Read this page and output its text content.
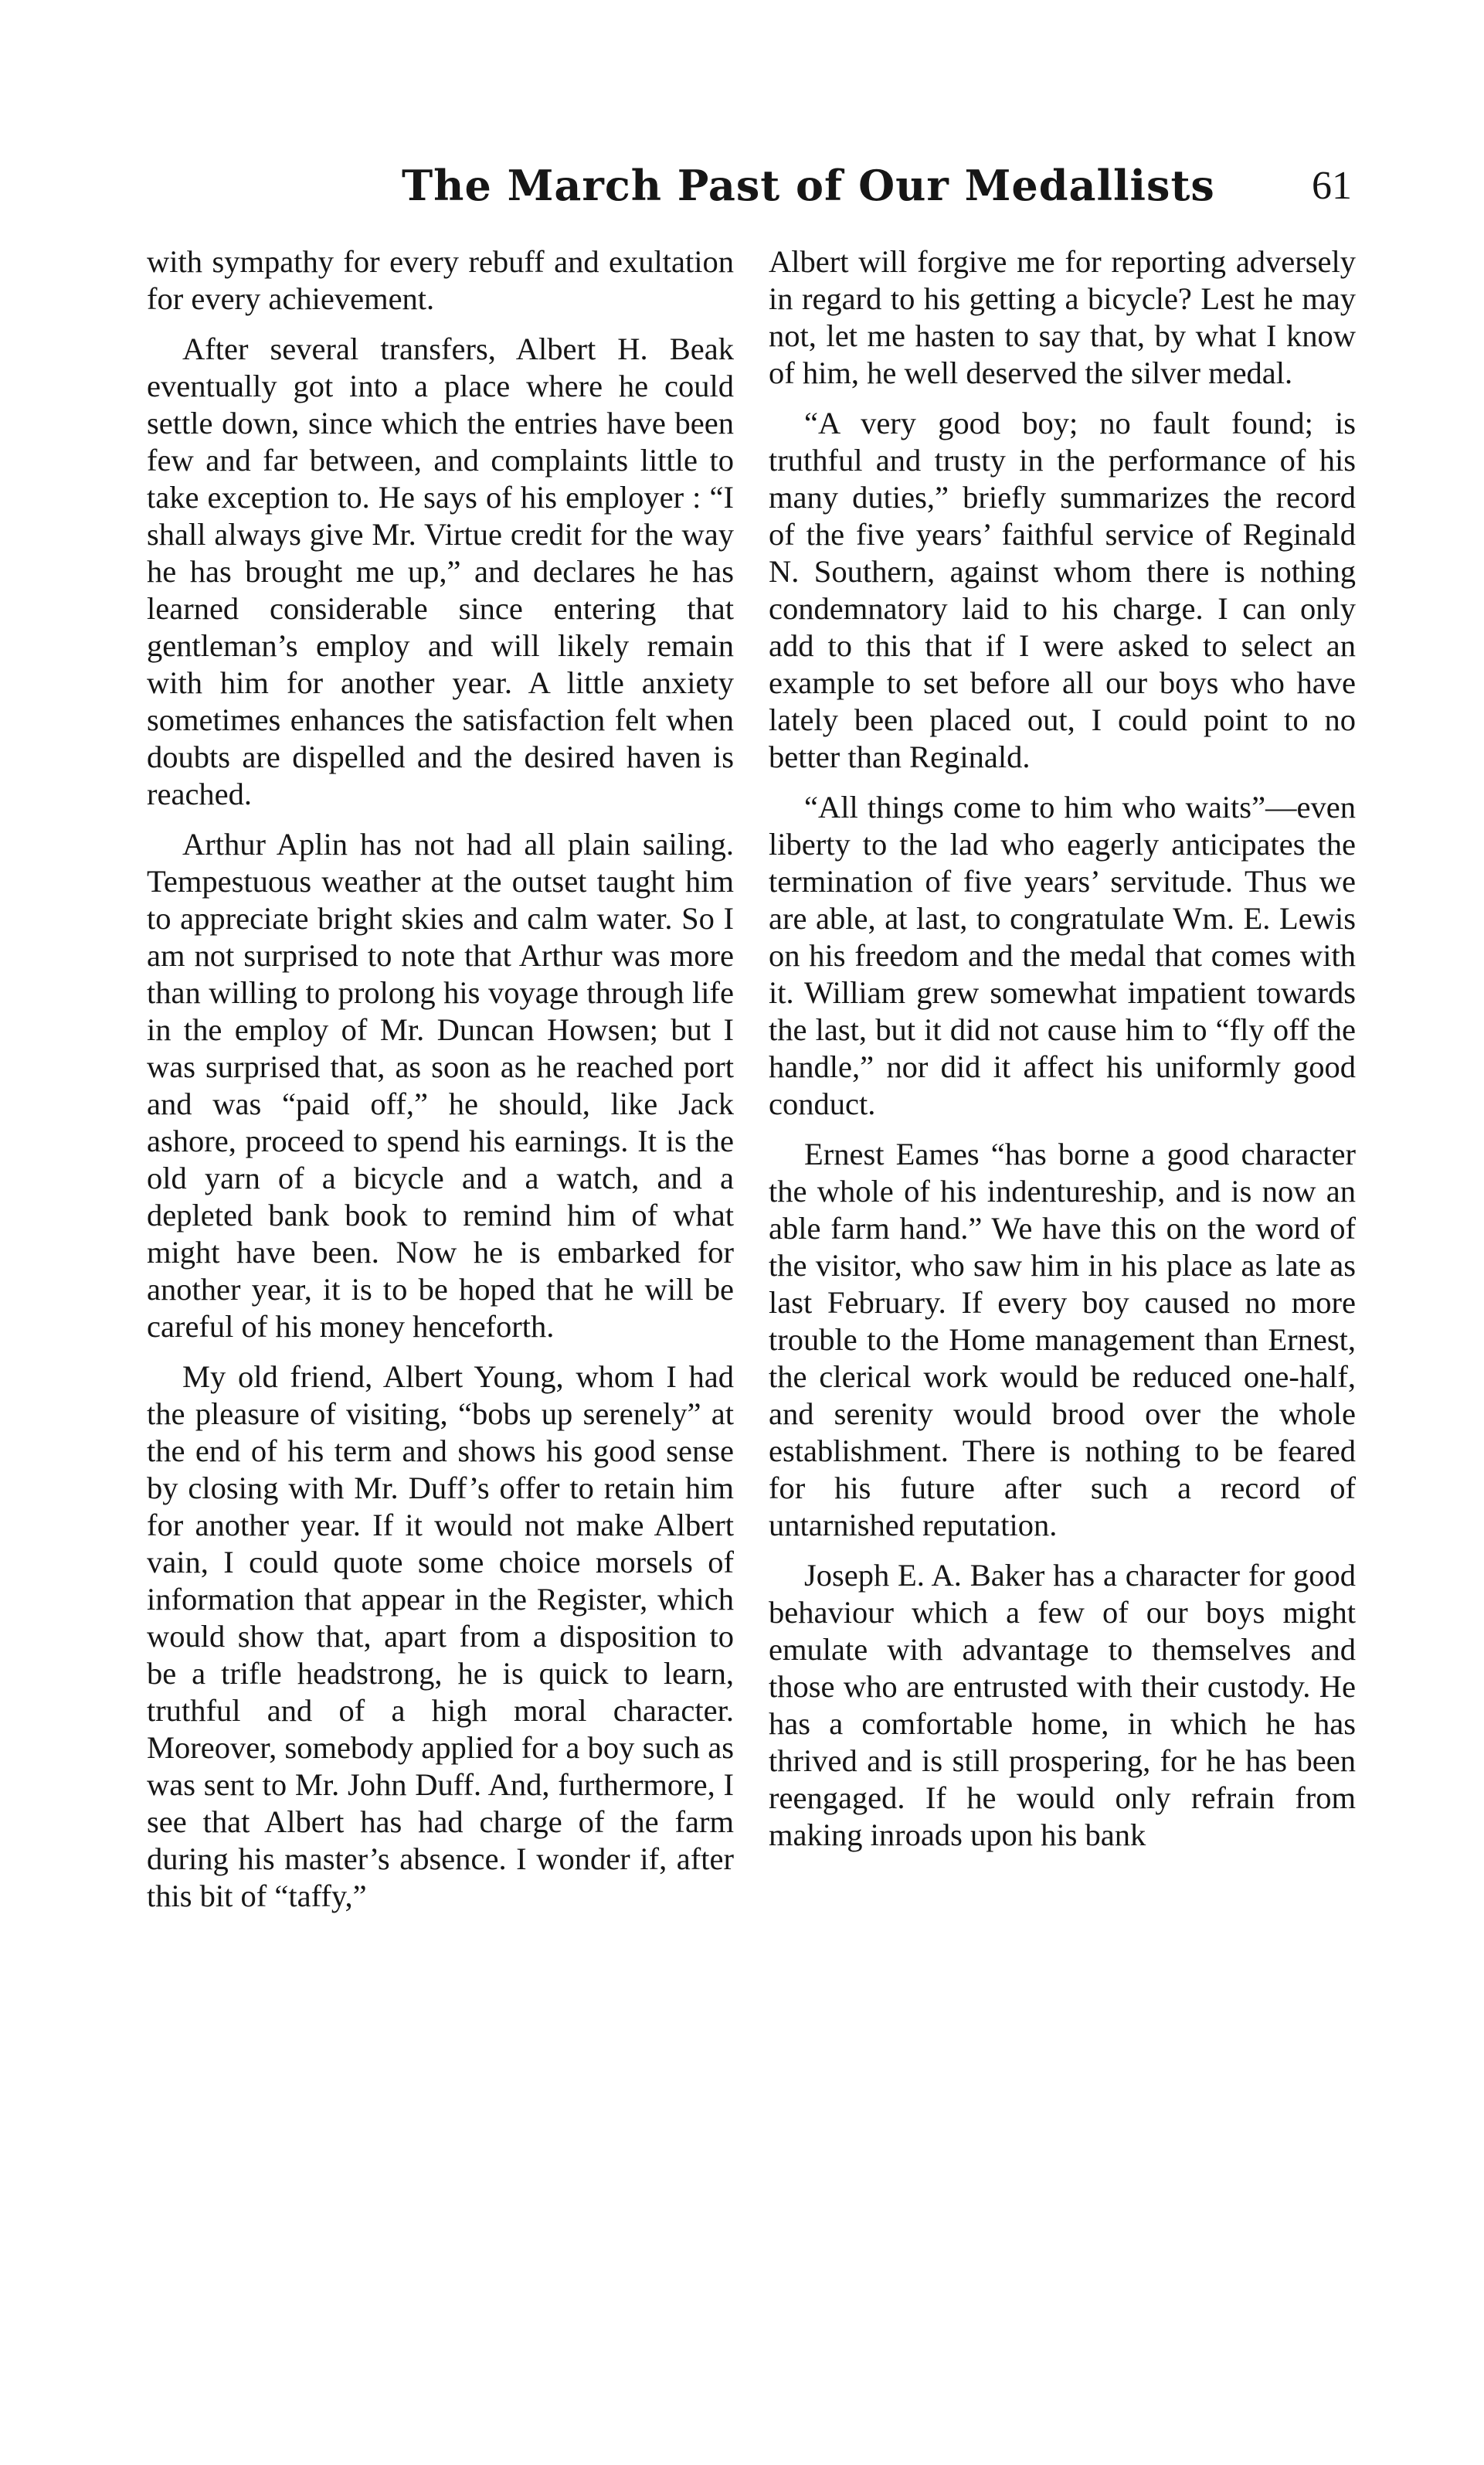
The March Past of Our Medallists 61

with sympathy for every rebuff and exultation for every achievement.

After several transfers, Albert H. Beak eventually got into a place where he could settle down, since which the entries have been few and far between, and complaints little to take exception to. He says of his employer : “I shall always give Mr. Virtue credit for the way he has brought me up,” and declares he has learned considerable since entering that gentleman’s employ and will likely remain with him for another year. A little anxiety sometimes enhances the satisfaction felt when doubts are dispelled and the desired haven is reached.

Arthur Aplin has not had all plain sailing. Tempestuous weather at the outset taught him to appreciate bright skies and calm water. So I am not surprised to note that Arthur was more than willing to prolong his voyage through life in the employ of Mr. Duncan Howsen; but I was surprised that, as soon as he reached port and was “paid off,” he should, like Jack ashore, proceed to spend his earnings. It is the old yarn of a bicycle and a watch, and a depleted bank book to remind him of what might have been. Now he is embarked for another year, it is to be hoped that he will be careful of his money henceforth.

My old friend, Albert Young, whom I had the pleasure of visiting, “bobs up serenely” at the end of his term and shows his good sense by closing with Mr. Duff’s offer to retain him for another year. If it would not make Albert vain, I could quote some choice morsels of information that appear in the Register, which would show that, apart from a disposition to be a trifle headstrong, he is quick to learn, truthful and of a high moral character. Moreover, somebody applied for a boy such as was sent to Mr. John Duff. And, furthermore, I see that Albert has had charge of the farm during his master’s absence. I wonder if, after this bit of “taffy,”

Albert will forgive me for reporting adversely in regard to his getting a bicycle? Lest he may not, let me hasten to say that, by what I know of him, he well deserved the silver medal.

“A very good boy; no fault found; is truthful and trusty in the performance of his many duties,” briefly summarizes the record of the five years’ faithful service of Reginald N. Southern, against whom there is nothing condemnatory laid to his charge. I can only add to this that if I were asked to select an example to set before all our boys who have lately been placed out, I could point to no better than Reginald.

“All things come to him who waits”—even liberty to the lad who eagerly anticipates the termination of five years’ servitude. Thus we are able, at last, to congratulate Wm. E. Lewis on his freedom and the medal that comes with it. William grew somewhat impatient towards the last, but it did not cause him to “fly off the handle,” nor did it affect his uniformly good conduct.

Ernest Eames “has borne a good character the whole of his indentureship, and is now an able farm hand.” We have this on the word of the visitor, who saw him in his place as late as last February. If every boy caused no more trouble to the Home management than Ernest, the clerical work would be reduced one-half, and serenity would brood over the whole establishment. There is nothing to be feared for his future after such a record of untarnished reputation.

Joseph E. A. Baker has a character for good behaviour which a few of our boys might emulate with advantage to themselves and those who are entrusted with their custody. He has a comfortable home, in which he has thrived and is still prospering, for he has been reengaged. If he would only refrain from making inroads upon his bank
